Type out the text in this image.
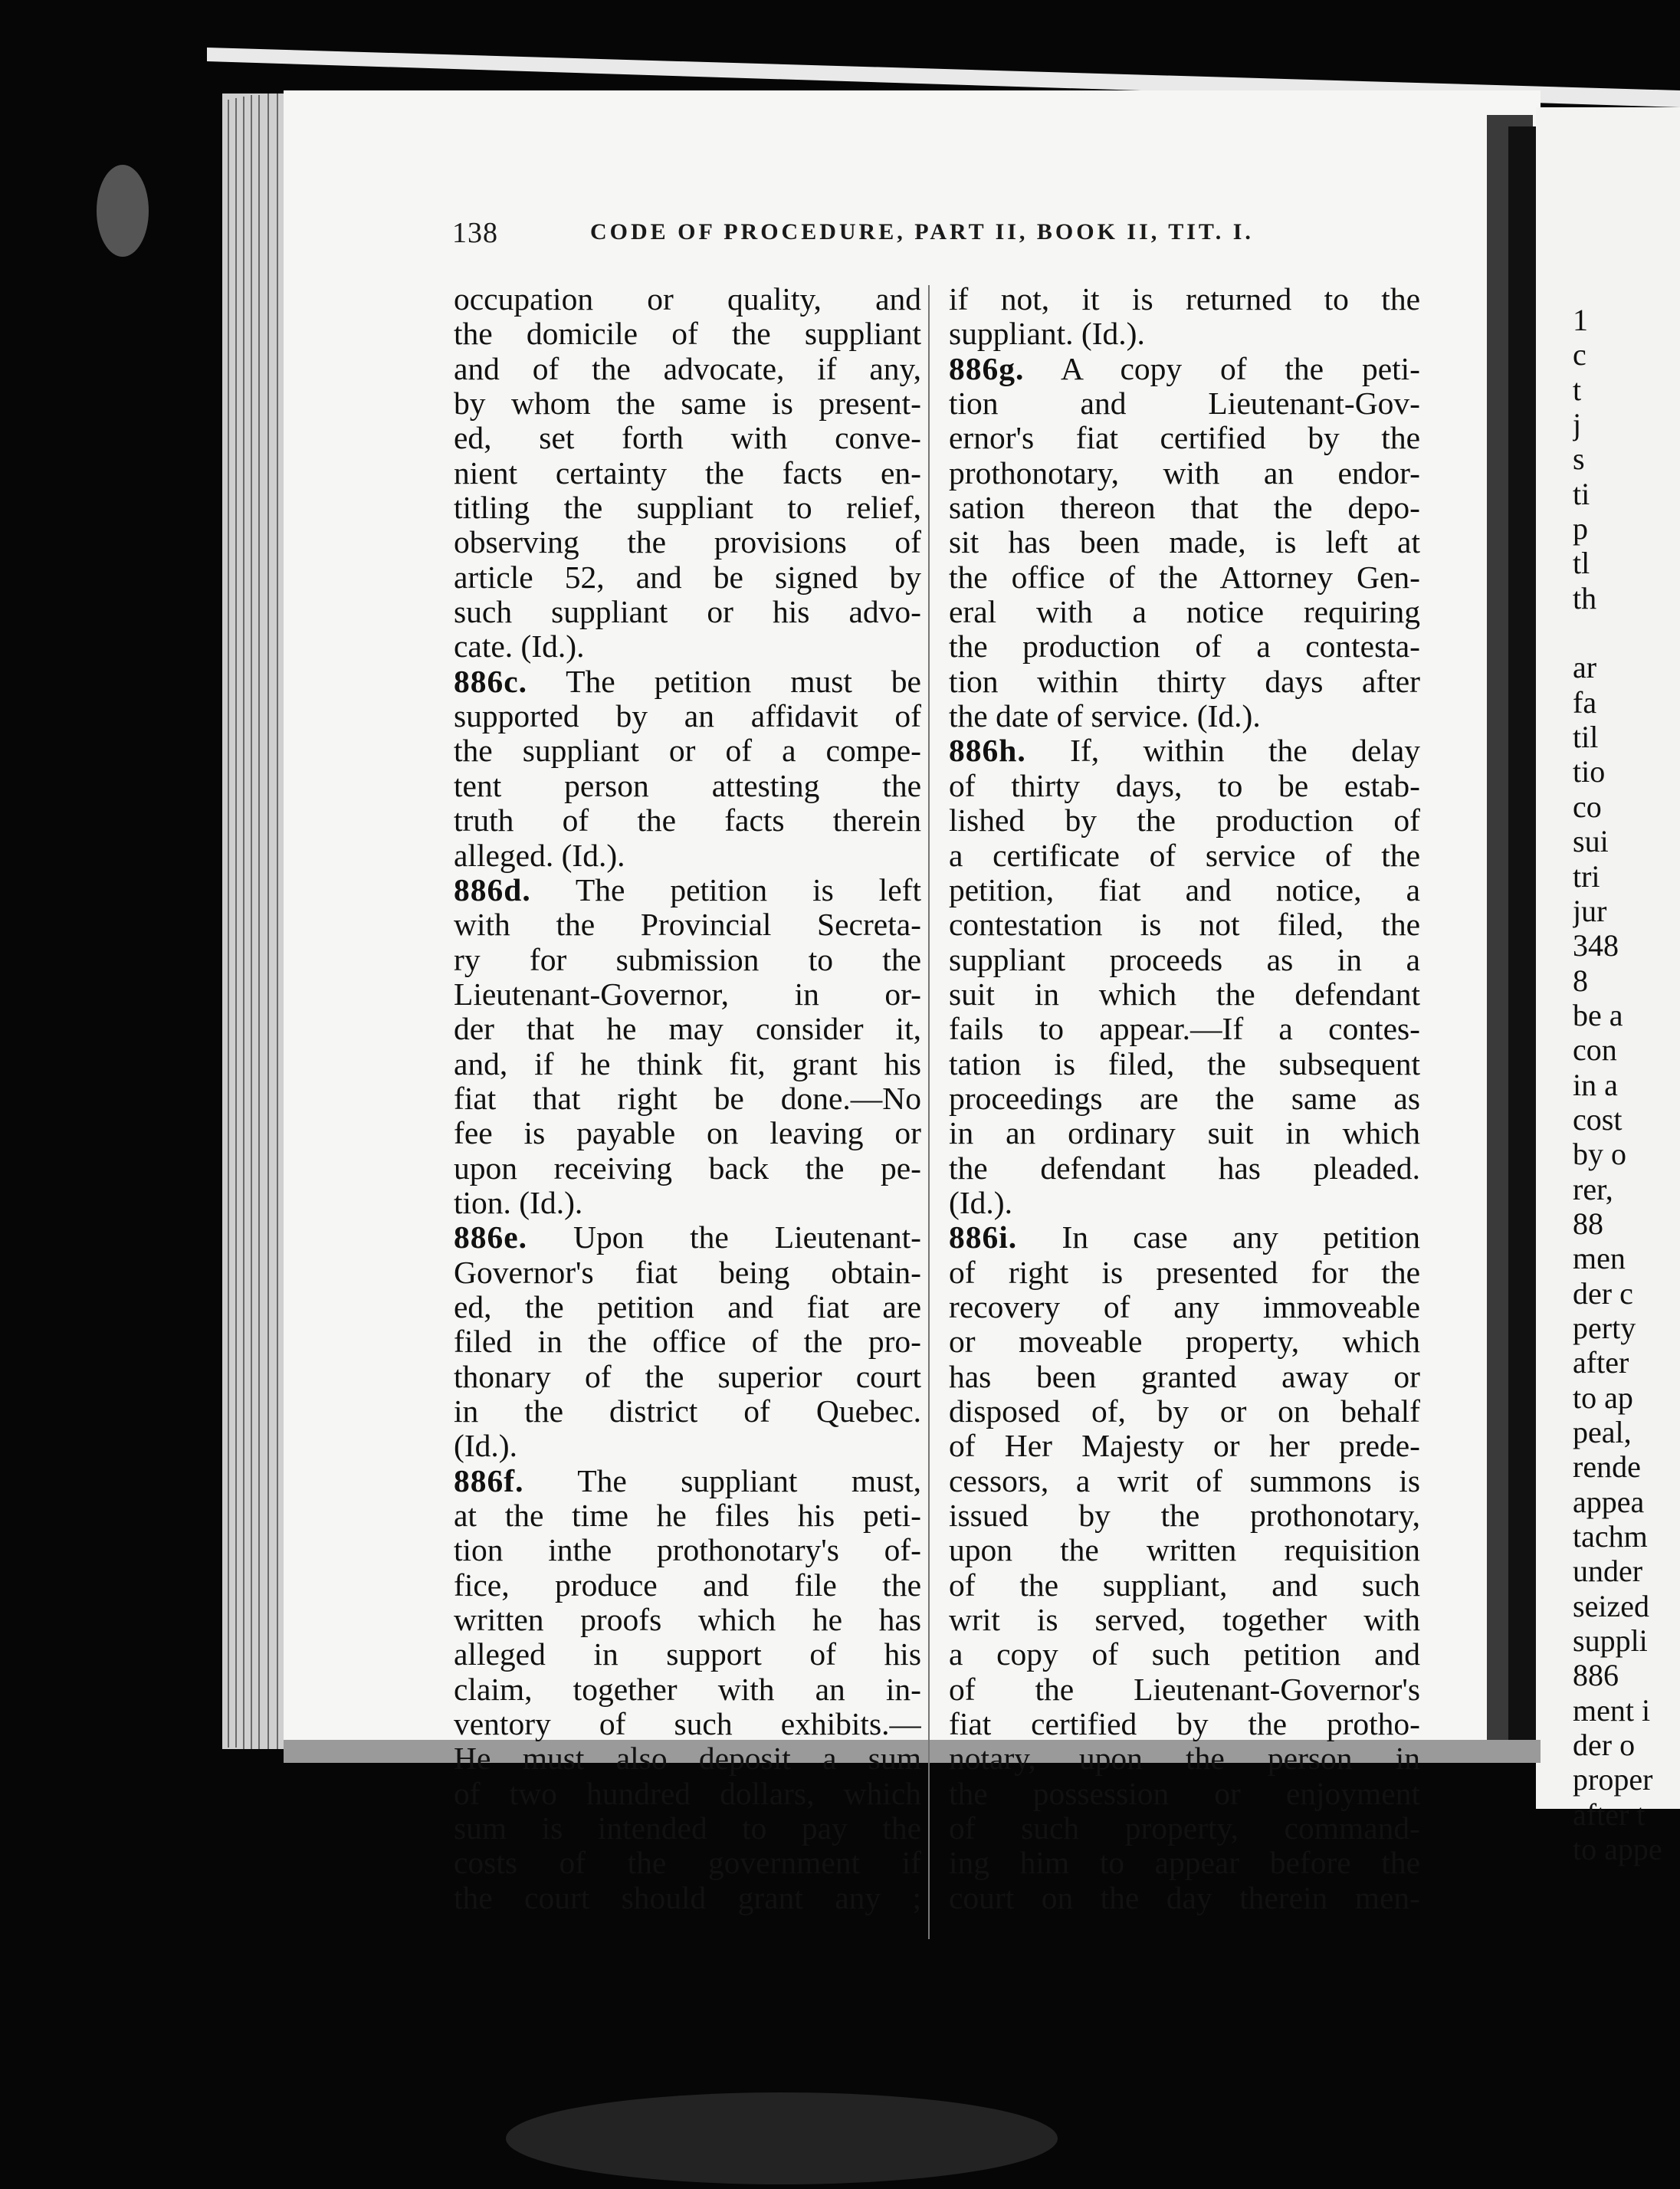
138	CODE OF PROCEDURE, PART II, BOOK II, TIT. I.
occupation or quality, and
the domicile of the suppliant
and of the advocate, if any,
by whom the same is present-
ed, set forth with conve-
nient certainty the facts en-
titling the suppliant to relief,
observing the provisions of
article 52, and be signed by
such suppliant or his advo-
cate. (Id.).
886c. The petition must be
supported by an affidavit of
the suppliant or of a compe-
tent person attesting the
truth of the facts therein
alleged. (Id.).
886d. The petition is left
with the Provincial Secreta-
ry for submission to the
Lieutenant-Governor, in or-
der that he may consider it,
and, if he think fit, grant his
fiat that right be done.—No
fee is payable on leaving or
upon receiving back the pe-
tion. (Id.).
886e. Upon the Lieutenant-
Governor's fiat being obtain-
ed, the petition and fiat are
filed in the office of the pro-
thonary of the superior court
in the district of Quebec.
(Id.).
886f. The suppliant must,
at the time he files his peti-
tion inthe prothonotary's of-
fice, produce and file the
written proofs which he has
alleged in support of his
claim, together with an in-
ventory of such exhibits.—
He must also deposit a sum
of two hundred dollars, which
sum is intended to pay the
costs of the government if
the court should grant any ;
if not, it is returned to the
suppliant. (Id.).
886g. A copy of the peti-
tion and Lieutenant-Gov-
ernor's fiat certified by the
prothonotary, with an endor-
sation thereon that the depo-
sit has been made, is left at
the office of the Attorney Gen-
eral with a notice requiring
the production of a contesta-
tion within thirty days after
the date of service. (Id.).
886h. If, within the delay
of thirty days, to be estab-
lished by the production of
a certificate of service of the
petition, fiat and notice, a
contestation is not filed, the
suppliant proceeds as in a
suit in which the defendant
fails to appear.—If a contes-
tation is filed, the subsequent
proceedings are the same as
in an ordinary suit in which
the defendant has pleaded.
(Id.).
886i. In case any petition
of right is presented for the
recovery of any immoveable
or moveable property, which
has been granted away or
disposed of, by or on behalf
of Her Majesty or her prede-
cessors, a writ of summons is
issued by the prothonotary,
upon the written requisition
of the suppliant, and such
writ is served, together with
a copy of such petition and
of the Lieutenant-Governor's
fiat certified by the protho-
notary, upon the person in
the possession or enjoyment
of such property, command-
ing him to appear before the
court on the day therein men-
1
c
t
j
s
ti
p
tl
th
ar
fa
til
tio
co
sui
tri
jur
348
8
be a
con
in a
cost
by o
rer,
88
men
der c
perty
after
to ap
peal,
rende
appea
tachm
under
seized
suppli
886
ment i
der o
proper
after t
to appe
